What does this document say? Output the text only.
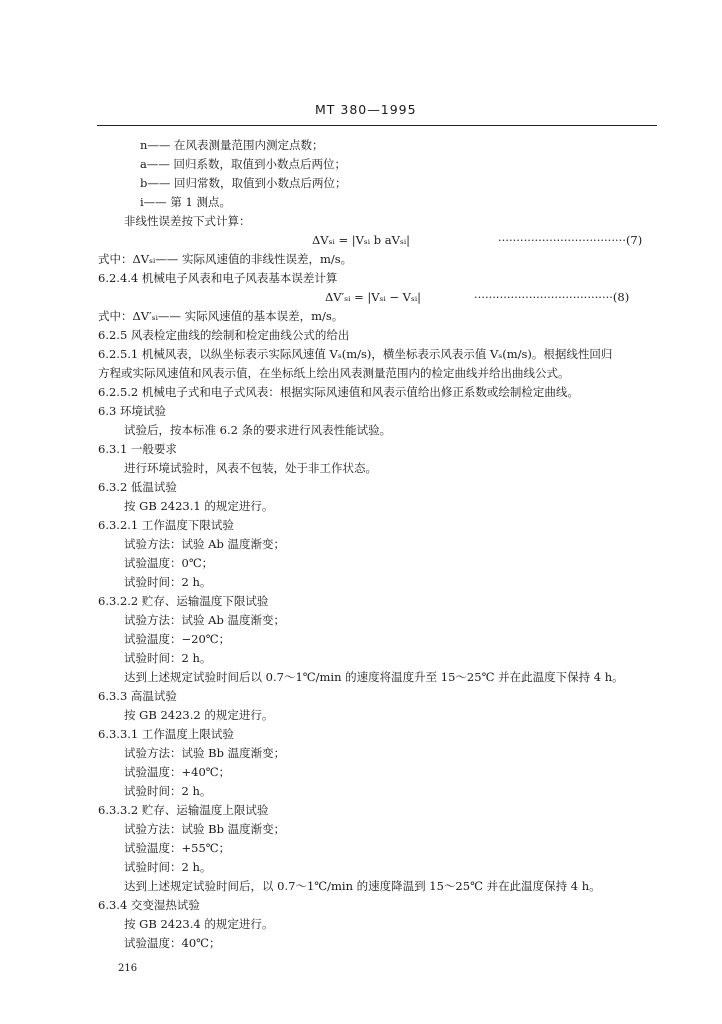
MT 380—1995
n—— 在风表测量范围内测定点数；
a—— 回归系数，取值到小数点后两位；
b—— 回归常数，取值到小数点后两位；
i—— 第 1 测点。
非线性误差按下式计算：
ΔVₛᵢ = |Vₛᵢ b aVₛᵢ|	···································(7)
式中：ΔVₛᵢ—— 实际风速值的非线性误差，m/s。
6.2.4.4 机械电子风表和电子风表基本误差计算
ΔV′ₛᵢ = |Vₛᵢ − Vₛᵢ|	······································(8)
式中：ΔV′ₛᵢ—— 实际风速值的基本误差，m/s。
6.2.5 风表检定曲线的绘制和检定曲线公式的给出
6.2.5.1 机械风表，以纵坐标表示实际风速值 Vₛ(m/s)，横坐标表示风表示值 Vₛ(m/s)。根据线性回归
方程或实际风速值和风表示值，在坐标纸上绘出风表测量范围内的检定曲线并给出曲线公式。
6.2.5.2 机械电子式和电子式风表：根据实际风速值和风表示值给出修正系数或绘制检定曲线。
6.3 环境试验
试验后，按本标准 6.2 条的要求进行风表性能试验。
6.3.1 一般要求
进行环境试验时，风表不包装，处于非工作状态。
6.3.2 低温试验
按 GB 2423.1 的规定进行。
6.3.2.1 工作温度下限试验
试验方法：试验 Ab 温度渐变；
试验温度：0℃；
试验时间：2 h。
6.3.2.2 贮存、运输温度下限试验
试验方法：试验 Ab 温度渐变；
试验温度：−20℃；
试验时间：2 h。
达到上述规定试验时间后以 0.7～1℃/min 的速度将温度升至 15～25℃ 并在此温度下保持 4 h。
6.3.3 高温试验
按 GB 2423.2 的规定进行。
6.3.3.1 工作温度上限试验
试验方法：试验 Bb 温度渐变；
试验温度：+40℃；
试验时间：2 h。
6.3.3.2 贮存、运输温度上限试验
试验方法：试验 Bb 温度渐变；
试验温度：+55℃；
试验时间：2 h。
达到上述规定试验时间后，以 0.7～1℃/min 的速度降温到 15～25℃ 并在此温度保持 4 h。
6.3.4 交变湿热试验
按 GB 2423.4 的规定进行。
试验温度：40℃；
216
